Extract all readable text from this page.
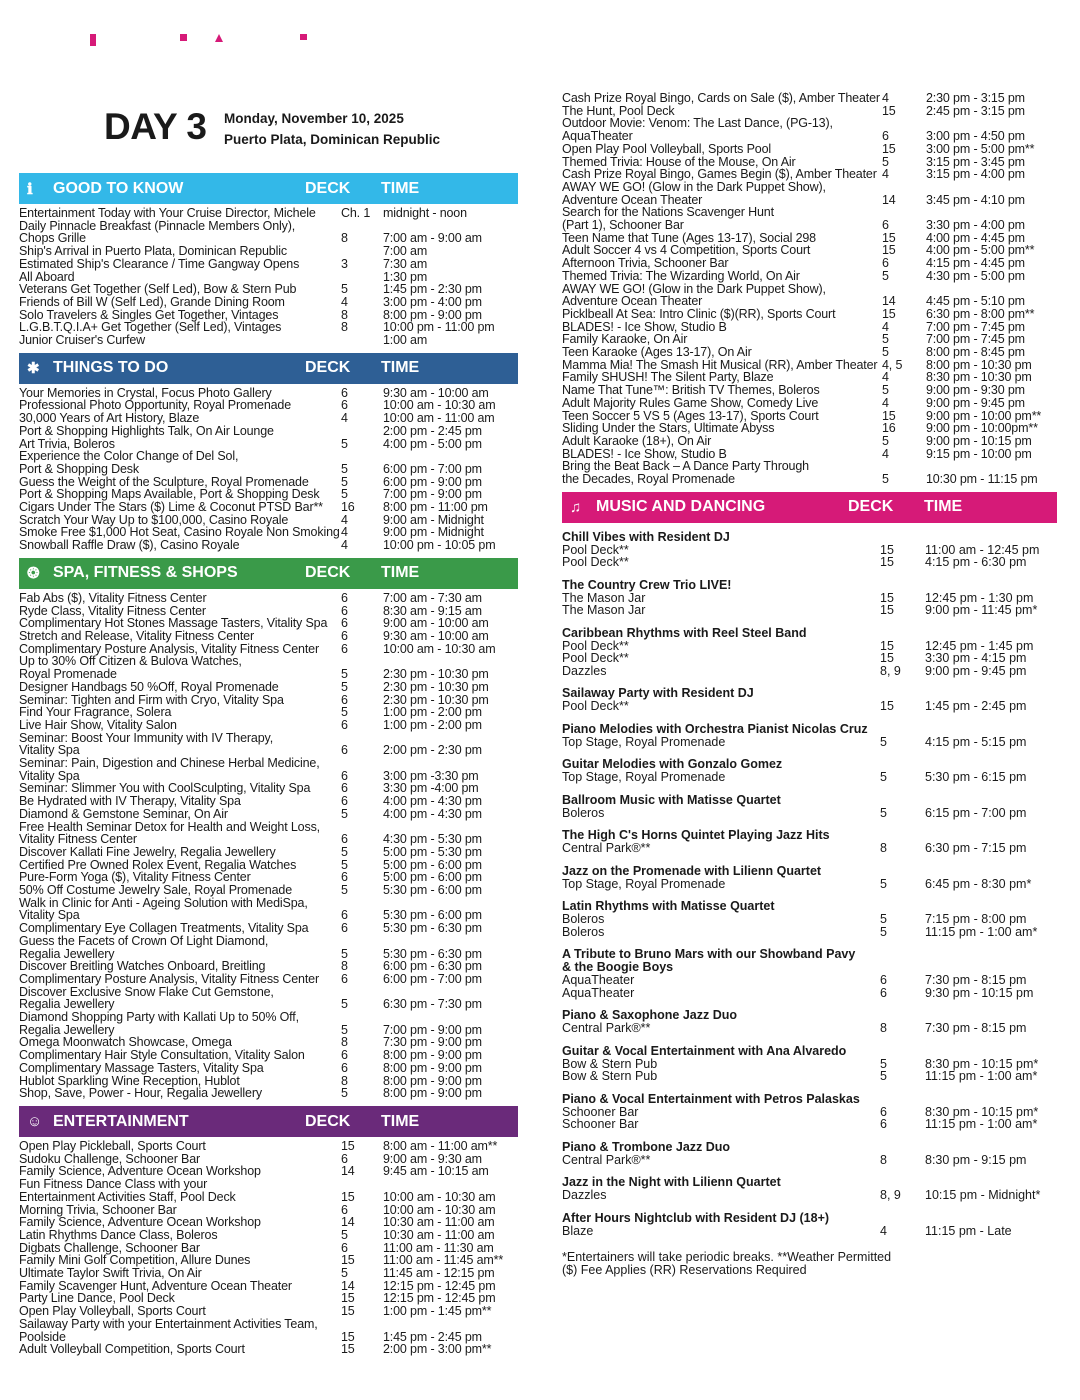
DAY 3 Monday, November 10, 2025
Puerto Plata, Dominican Republic
ℹ	GOOD TO KNOW	DECK TIME
Entertainment Today with Your Cruise Director, Michele	Ch. 1 midnight - noon
Daily Pinnacle Breakfast (Pinnacle Members Only),
Chops Grille	8	7:00 am - 9:00 am
Ship's Arrival in Puerto Plata, Dominican Republic	7:00 am
Estimated Ship's Clearance / Time Gangway Opens	3	7:30 am
All Aboard	1:30 pm
Veterans Get Together (Self Led), Bow & Stern Pub	5	1:45 pm - 2:30 pm
Friends of Bill W (Self Led), Grande Dining Room	4	3:00 pm - 4:00 pm
Solo Travelers & Singles Get Together, Vintages	8	8:00 pm - 9:00 pm
L.G.B.T.Q.I.A+ Get Together (Self Led), Vintages	8	10:00 pm - 11:00 pm
Junior Cruiser's Curfew	1:00 am
✱ THINGS TO DO	DECK TIME
Your Memories in Crystal, Focus Photo Gallery	6	9:30 am - 10:00 am
Professional Photo Opportunity, Royal Promenade	6	10:00 am - 10:30 am
30,000 Years of Art History, Blaze	4	10:00 am - 11:00 am
Port & Shopping Highlights Talk, On Air Lounge	2:00 pm - 2:45 pm
Art Trivia, Boleros	5	4:00 pm - 5:00 pm
Experience the Color Change of Del Sol,
Port & Shopping Desk	5	6:00 pm - 7:00 pm
Guess the Weight of the Sculpture, Royal Promenade	5	6:00 pm - 9:00 pm
Port & Shopping Maps Available, Port & Shopping Desk	5	7:00 pm - 9:00 pm
Cigars Under The Stars ($) Lime & Coconut PTSD Bar**	16 8:00 pm - 11:00 pm
Scratch Your Way Up to $100,000, Casino Royale	4	9:00 am - Midnight
Smoke Free $1,000 Hot Seat, Casino Royale Non Smoking 4	9:00 pm - Midnight
Snowball Raffle Draw ($), Casino Royale	4	10:00 pm - 10:05 pm
❂ SPA, FITNESS & SHOPS	DECK TIME
Fab Abs ($), Vitality Fitness Center	6	7:00 am - 7:30 am
Ryde Class, Vitality Fitness Center	6	8:30 am - 9:15 am
Complimentary Hot Stones Massage Tasters, Vitality Spa	6	9:00 am - 10:00 am
Stretch and Release, Vitality Fitness Center	6	9:30 am - 10:00 am
Complimentary Posture Analysis, Vitality Fitness Center	6	10:00 am - 10:30 am
Up to 30% Off Citizen & Bulova Watches,
Royal Promenade	5	2:30 pm - 10:30 pm
Designer Handbags 50 %Off, Royal Promenade	5	2:30 pm - 10:30 pm
Seminar: Tighten and Firm with Cryo, Vitality Spa	6	2:30 pm - 10:30 pm
Find Your Fragrance, Solera	5	1:00 pm - 2:00 pm
Live Hair Show, Vitality Salon	6	1:00 pm - 2:00 pm
Seminar: Boost Your Immunity with IV Therapy,
Vitality Spa	6	2:00 pm - 2:30 pm
Seminar: Pain, Digestion and Chinese Herbal Medicine,
Vitality Spa	6	3:00 pm -3:30 pm
Seminar: Slimmer You with CoolSculpting, Vitality Spa	6	3:30 pm -4:00 pm
Be Hydrated with IV Therapy, Vitality Spa	6	4:00 pm - 4:30 pm
Diamond & Gemstone Seminar, On Air	5	4:00 pm - 4:30 pm
Free Health Seminar Detox for Health and Weight Loss,
Vitality Fitness Center	6	4:30 pm - 5:30 pm
Discover Kallati Fine Jewelry, Regalia Jewellery	5	5:00 pm - 5:30 pm
Certified Pre Owned Rolex Event, Regalia Watches	5	5:00 pm - 6:00 pm
Pure-Form Yoga ($), Vitality Fitness Center	6	5:00 pm - 6:00 pm
50% Off Costume Jewelry Sale, Royal Promenade	5	5:30 pm - 6:00 pm
Walk in Clinic for Anti - Ageing Solution with MediSpa,
Vitality Spa	6	5:30 pm - 6:00 pm
Complimentary Eye Collagen Treatments, Vitality Spa	6	5:30 pm - 6:30 pm
Guess the Facets of Crown Of Light Diamond,
Regalia Jewellery	5	5:30 pm - 6:30 pm
Discover Breitling Watches Onboard, Breitling	8	6:00 pm - 6:30 pm
Complimentary Posture Analysis, Vitality Fitness Center	6	6:00 pm - 7:00 pm
Discover Exclusive Snow Flake Cut Gemstone,
Regalia Jewellery	5	6:30 pm - 7:30 pm
Diamond Shopping Party with Kallati Up to 50% Off,
Regalia Jewellery	5	7:00 pm - 9:00 pm
Omega Moonwatch Showcase, Omega	8	7:30 pm - 9:00 pm
Complimentary Hair Style Consultation, Vitality Salon	6	8:00 pm - 9:00 pm
Complimentary Massage Tasters, Vitality Spa	6	8:00 pm - 9:00 pm
Hublot Sparkling Wine Reception, Hublot	8	8:00 pm - 9:00 pm
Shop, Save, Power - Hour, Regalia Jewellery	5	8:00 pm - 9:00 pm
☺ ENTERTAINMENT	DECK TIME
Open Play Pickleball, Sports Court	15 8:00 am - 11:00 am**
Sudoku Challenge, Schooner Bar	6	9:00 am - 9:30 am
Family Science, Adventure Ocean Workshop	14 9:45 am - 10:15 am
Fun Fitness Dance Class with your
Entertainment Activities Staff, Pool Deck	15 10:00 am - 10:30 am
Morning Trivia, Schooner Bar	6	10:00 am - 10:30 am
Family Science, Adventure Ocean Workshop	14 10:30 am - 11:00 am
Latin Rhythms Dance Class, Boleros	5	10:30 am - 11:00 am
Digbats Challenge, Schooner Bar	6	11:00 am - 11:30 am
Family Mini Golf Competition, Allure Dunes	15 11:00 am - 11:45 am**
Ultimate Taylor Swift Trivia, On Air	5	11:45 am - 12:15 pm
Family Scavenger Hunt, Adventure Ocean Theater	14 12:15 pm - 12:45 pm
Party Line Dance, Pool Deck	15 12:15 pm - 12:45 pm
Open Play Volleyball, Sports Court	15 1:00 pm - 1:45 pm**
Sailaway Party with your Entertainment Activities Team,
Poolside	15 1:45 pm - 2:45 pm
Adult Volleyball Competition, Sports Court	15 2:00 pm - 3:00 pm**
Cash Prize Royal Bingo, Cards on Sale ($), Amber Theater 4	2:30 pm - 3:15 pm
The Hunt, Pool Deck	15 2:45 pm - 3:15 pm
Outdoor Movie: Venom: The Last Dance, (PG-13),
AquaTheater	6	3:00 pm - 4:50 pm
Open Play Pool Volleyball, Sports Pool	15 3:00 pm - 5:00 pm**
Themed Trivia: House of the Mouse, On Air	5	3:15 pm - 3:45 pm
Cash Prize Royal Bingo, Games Begin ($), Amber Theater 4	3:15 pm - 4:00 pm
AWAY WE GO! (Glow in the Dark Puppet Show),
Adventure Ocean Theater	14 3:45 pm - 4:10 pm
Search for the Nations Scavenger Hunt
(Part 1), Schooner Bar	6	3:30 pm - 4:00 pm
Teen Name that Tune (Ages 13-17), Social 298	15 4:00 pm - 4:45 pm
Adult Soccer 4 vs 4 Competition, Sports Court	15 4:00 pm - 5:00 pm**
Afternoon Trivia, Schooner Bar	6	4:15 pm - 4:45 pm
Themed Trivia: The Wizarding World, On Air	5	4:30 pm - 5:00 pm
AWAY WE GO! (Glow in the Dark Puppet Show),
Adventure Ocean Theater	14 4:45 pm - 5:10 pm
Picklbeall At Sea: Intro Clinic ($)(RR), Sports Court	15 6:30 pm - 8:00 pm**
BLADES! - Ice Show, Studio B	4	7:00 pm - 7:45 pm
Family Karaoke, On Air	5	7:00 pm - 7:45 pm
Teen Karaoke (Ages 13-17), On Air	5	8:00 pm - 8:45 pm
Mamma Mia! The Smash Hit Musical (RR), Amber Theater 4, 5 8:00 pm - 10:30 pm
Family SHUSH! The Silent Party, Blaze	4	8:30 pm - 10:30 pm
Name That Tune™: British TV Themes, Boleros	5	9:00 pm - 9:30 pm
Adult Majority Rules Game Show, Comedy Live	4	9:00 pm - 9:45 pm
Teen Soccer 5 VS 5 (Ages 13-17), Sports Court	15 9:00 pm - 10:00 pm**
Sliding Under the Stars, Ultimate Abyss	16 9:00 pm - 10:00pm**
Adult Karaoke (18+), On Air	5	9:00 pm - 10:15 pm
BLADES! - Ice Show, Studio B	4	9:15 pm - 10:00 pm
Bring the Beat Back – A Dance Party Through
the Decades, Royal Promenade	5	10:30 pm - 11:15 pm
♫ MUSIC AND DANCING	DECK TIME
Chill Vibes with Resident DJ
Pool Deck**	15 11:00 am - 12:45 pm
Pool Deck**	15 4:15 pm - 6:30 pm
The Country Crew Trio LIVE!
The Mason Jar	15 12:45 pm - 1:30 pm
The Mason Jar	15 9:00 pm - 11:45 pm*
Caribbean Rhythms with Reel Steel Band
Pool Deck**	15 12:45 pm - 1:45 pm
Pool Deck**	15 3:30 pm - 4:15 pm
Dazzles	8, 9 9:00 pm - 9:45 pm
Sailaway Party with Resident DJ
Pool Deck**	15 1:45 pm - 2:45 pm
Piano Melodies with Orchestra Pianist Nicolas Cruz
Top Stage, Royal Promenade	5	4:15 pm - 5:15 pm
Guitar Melodies with Gonzalo Gomez
Top Stage, Royal Promenade	5	5:30 pm - 6:15 pm
Ballroom Music with Matisse Quartet
Boleros	5	6:15 pm - 7:00 pm
The High C's Horns Quintet Playing Jazz Hits
Central Park®**	8	6:30 pm - 7:15 pm
Jazz on the Promenade with Lilienn Quartet
Top Stage, Royal Promenade	5	6:45 pm - 8:30 pm*
Latin Rhythms with Matisse Quartet
Boleros	5	7:15 pm - 8:00 pm
Boleros	5	11:15 pm - 1:00 am*
A Tribute to Bruno Mars with our Showband Pavy & the Boogie Boys
AquaTheater	6	7:30 pm - 8:15 pm
AquaTheater	6	9:30 pm - 10:15 pm
Piano & Saxophone Jazz Duo
Central Park®**	8	7:30 pm - 8:15 pm
Guitar & Vocal Entertainment with Ana Alvaredo
Bow & Stern Pub	5	8:30 pm - 10:15 pm*
Bow & Stern Pub	5	11:15 pm - 1:00 am*
Piano & Vocal Entertainment with Petros Palaskas
Schooner Bar	6	8:30 pm - 10:15 pm*
Schooner Bar	6	11:15 pm - 1:00 am*
Piano & Trombone Jazz Duo
Central Park®**	8	8:30 pm - 9:15 pm
Jazz in the Night with Lilienn Quartet
Dazzles	8, 9 10:15 pm - Midnight*
After Hours Nightclub with Resident DJ (18+)
Blaze	4	11:15 pm - Late
*Entertainers will take periodic breaks. **Weather Permitted
($) Fee Applies (RR) Reservations Required
